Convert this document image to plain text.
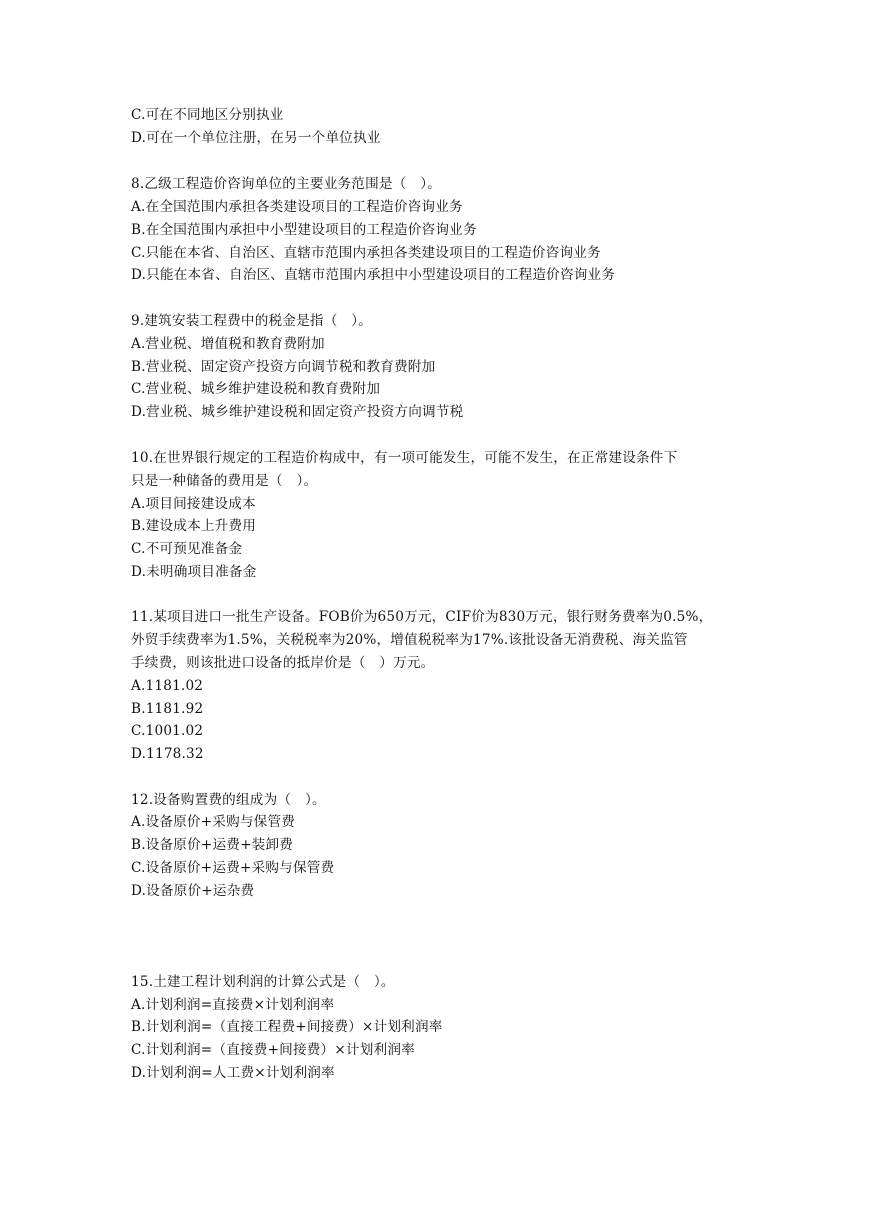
C.可在不同地区分别执业
D.可在一个单位注册，在另一个单位执业
8.乙级工程造价咨询单位的主要业务范围是（　）。
A.在全国范围内承担各类建设项目的工程造价咨询业务
B.在全国范围内承担中小型建设项目的工程造价咨询业务
C.只能在本省、自治区、直辖市范围内承担各类建设项目的工程造价咨询业务
D.只能在本省、自治区、直辖市范围内承担中小型建设项目的工程造价咨询业务
9.建筑安装工程费中的税金是指（　）。
A.营业税、增值税和教育费附加
B.营业税、固定资产投资方向调节税和教育费附加
C.营业税、城乡维护建设税和教育费附加
D.营业税、城乡维护建设税和固定资产投资方向调节税
10.在世界银行规定的工程造价构成中，有一项可能发生，可能不发生，在正常建设条件下
只是一种储备的费用是（　）。
A.项目间接建设成本
B.建设成本上升费用
C.不可预见准备金
D.未明确项目准备金
11.某项目进口一批生产设备。FOB价为650万元，CIF价为830万元，银行财务费率为0.5%，
外贸手续费率为1.5%，关税税率为20%，增值税税率为17%.该批设备无消费税、海关监管
手续费，则该批进口设备的抵岸价是（　）万元。
A.1181.02
B.1181.92
C.1001.02
D.1178.32
12.设备购置费的组成为（　）。
A.设备原价+采购与保管费
B.设备原价+运费+装卸费
C.设备原价+运费+采购与保管费
D.设备原价+运杂费
15.土建工程计划利润的计算公式是（　）。
A.计划利润=直接费×计划利润率
B.计划利润=（直接工程费+间接费）×计划利润率
C.计划利润=（直接费+间接费）×计划利润率
D.计划利润=人工费×计划利润率
